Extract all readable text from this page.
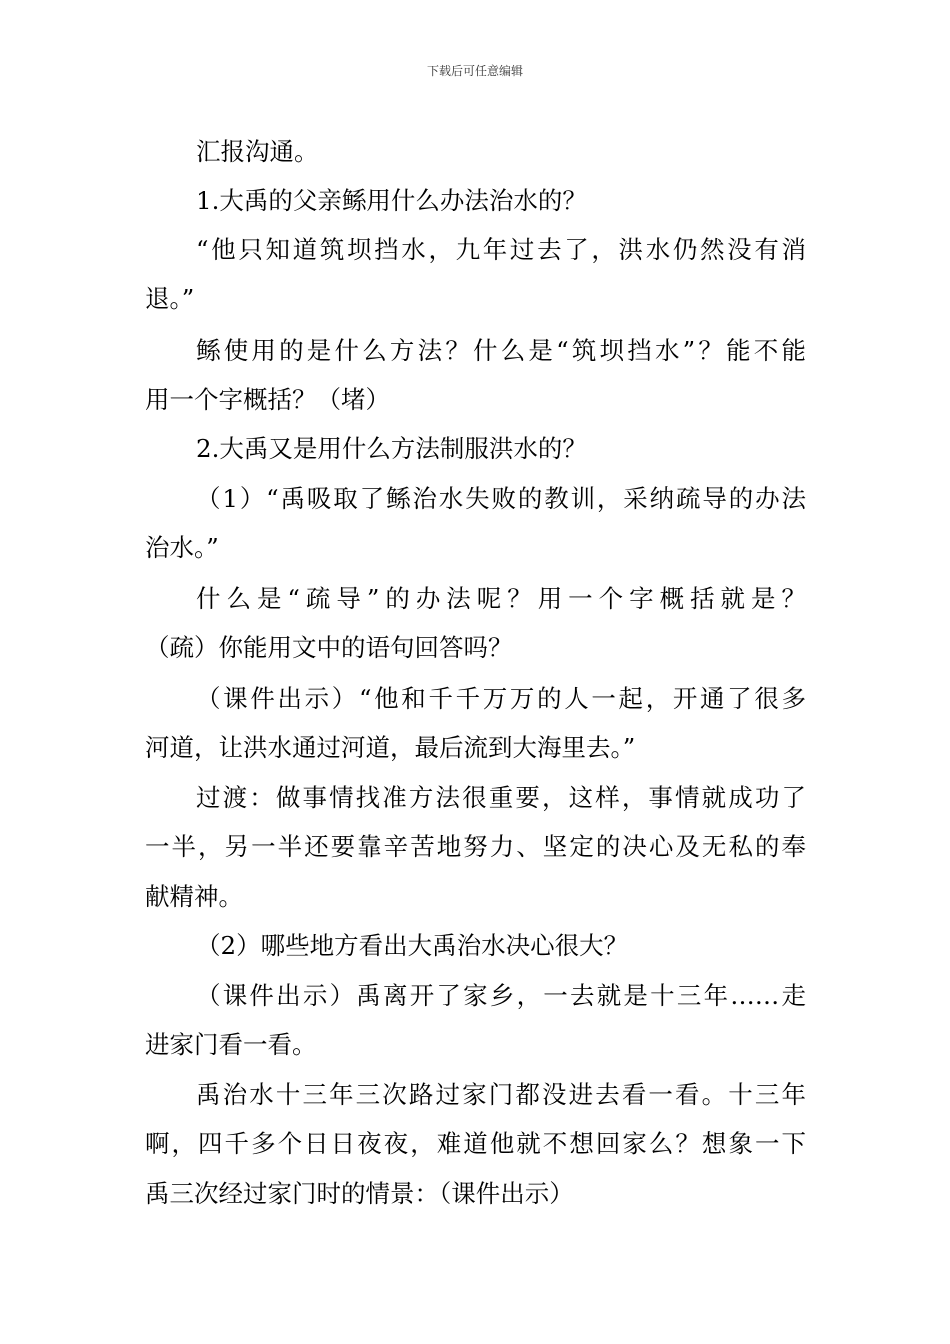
下载后可任意编辑
汇报沟通。
1.大禹的父亲鲧用什么办法治水的？
“他只知道筑坝挡水，九年过去了，洪水仍然没有消
退。”
鲧使用的是什么方法？什么是“筑坝挡水”？能不能
用一个字概括？（堵）
2.大禹又是用什么方法制服洪水的？
（1）“禹吸取了鲧治水失败的教训，采纳疏导的办法
治水。”
什么是“疏导”的办法呢？用一个字概括就是？
（疏）你能用文中的语句回答吗？
（课件出示）“他和千千万万的人一起，开通了很多
河道，让洪水通过河道，最后流到大海里去。”
过渡：做事情找准方法很重要，这样，事情就成功了
一半，另一半还要靠辛苦地努力、坚定的决心及无私的奉
献精神。
（2）哪些地方看出大禹治水决心很大？
（课件出示）禹离开了家乡，一去就是十三年……走
进家门看一看。
禹治水十三年三次路过家门都没进去看一看。十三年
啊，四千多个日日夜夜，难道他就不想回家么？想象一下
禹三次经过家门时的情景：（课件出示）
